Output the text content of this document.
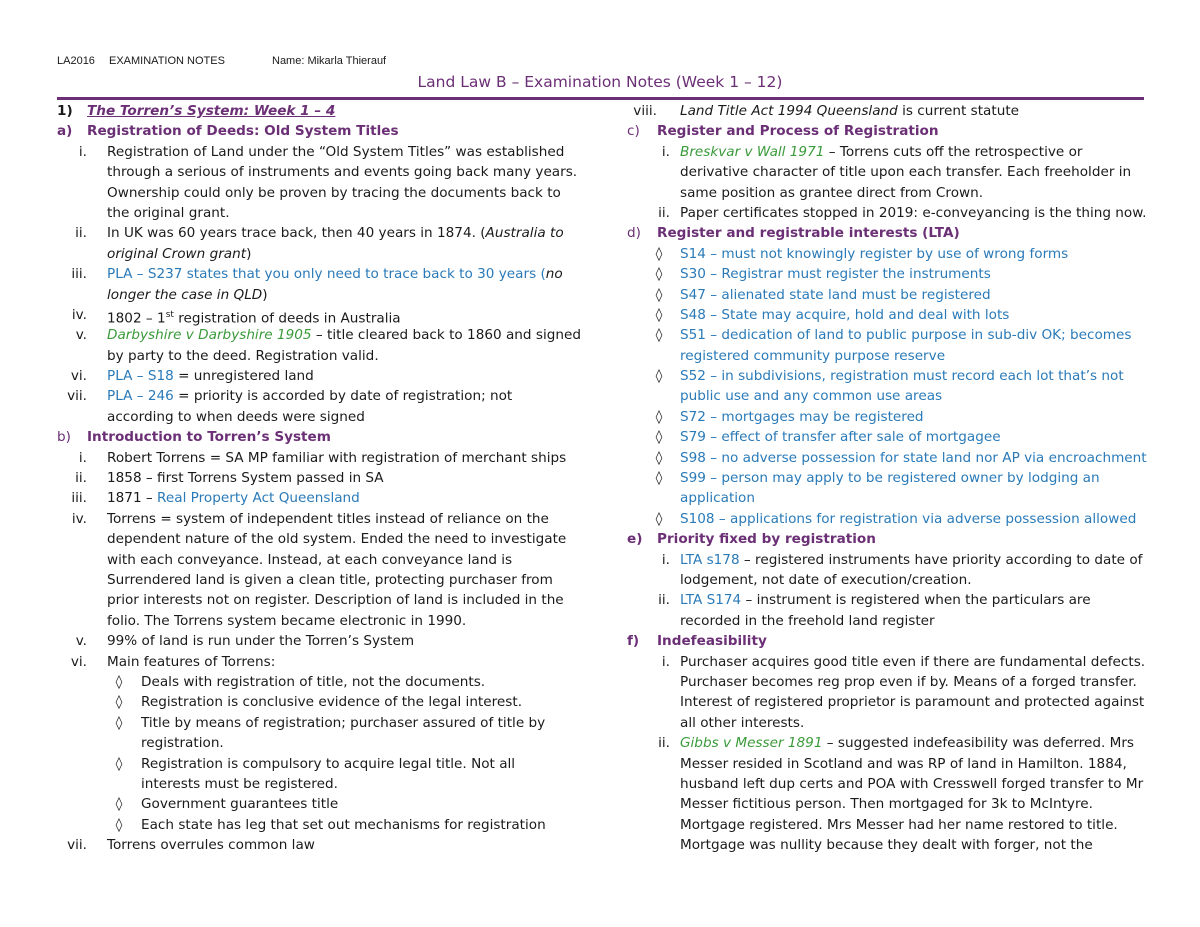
LA2016 EXAMINATION NOTES	Name: Mikarla Thierauf
Land Law B – Examination Notes (Week 1 – 12)
1) The Torren’s System: Week 1 – 4
a) Registration of Deeds: Old System Titles
i. Registration of Land under the “Old System Titles” was established
through a serious of instruments and events going back many years.
Ownership could only be proven by tracing the documents back to
the original grant.
ii. In UK was 60 years trace back, then 40 years in 1874. (Australia to
original Crown grant)
iii. PLA – S237 states that you only need to trace back to 30 years (no
longer the case in QLD)
iv. 1802 – 1st registration of deeds in Australia
v. Darbyshire v Darbyshire 1905 – title cleared back to 1860 and signed
by party to the deed. Registration valid.
vi. PLA – S18 = unregistered land
vii. PLA – 246 = priority is accorded by date of registration; not
according to when deeds were signed
b) Introduction to Torren’s System
i. Robert Torrens = SA MP familiar with registration of merchant ships
ii. 1858 – first Torrens System passed in SA
iii. 1871 – Real Property Act Queensland
iv. Torrens = system of independent titles instead of reliance on the
dependent nature of the old system. Ended the need to investigate
with each conveyance. Instead, at each conveyance land is
Surrendered land is given a clean title, protecting purchaser from
prior interests not on register. Description of land is included in the
folio. The Torrens system became electronic in 1990.
v. 99% of land is run under the Torren’s System
vi. Main features of Torrens:
◊	Deals with registration of title, not the documents.
◊	Registration is conclusive evidence of the legal interest.
◊	Title by means of registration; purchaser assured of title by
registration.
◊	Registration is compulsory to acquire legal title. Not all
interests must be registered.
◊	Government guarantees title
◊	Each state has leg that set out mechanisms for registration
vii. Torrens overrules common law
viii. Land Title Act 1994 Queensland is current statute
c) Register and Process of Registration
i. Breskvar v Wall 1971 – Torrens cuts off the retrospective or
derivative character of title upon each transfer. Each freeholder in
same position as grantee direct from Crown.
ii. Paper certificates stopped in 2019: e-conveyancing is the thing now.
d) Register and registrable interests (LTA)
◊	S14 – must not knowingly register by use of wrong forms
◊	S30 – Registrar must register the instruments
◊	S47 – alienated state land must be registered
◊	S48 – State may acquire, hold and deal with lots
◊	S51 – dedication of land to public purpose in sub-div OK; becomes
registered community purpose reserve
◊	S52 – in subdivisions, registration must record each lot that’s not
public use and any common use areas
◊	S72 – mortgages may be registered
◊	S79 – effect of transfer after sale of mortgagee
◊	S98 – no adverse possession for state land nor AP via encroachment
◊	S99 – person may apply to be registered owner by lodging an
application
◊	S108 – applications for registration via adverse possession allowed
e) Priority fixed by registration
i. LTA s178 – registered instruments have priority according to date of
lodgement, not date of execution/creation.
ii. LTA S174 – instrument is registered when the particulars are
recorded in the freehold land register
f) Indefeasibility
i. Purchaser acquires good title even if there are fundamental defects.
Purchaser becomes reg prop even if by. Means of a forged transfer.
Interest of registered proprietor is paramount and protected against
all other interests.
ii. Gibbs v Messer 1891 – suggested indefeasibility was deferred. Mrs
Messer resided in Scotland and was RP of land in Hamilton. 1884,
husband left dup certs and POA with Cresswell forged transfer to Mr
Messer fictitious person. Then mortgaged for 3k to McIntyre.
Mortgage registered. Mrs Messer had her name restored to title.
Mortgage was nullity because they dealt with forger, not the
